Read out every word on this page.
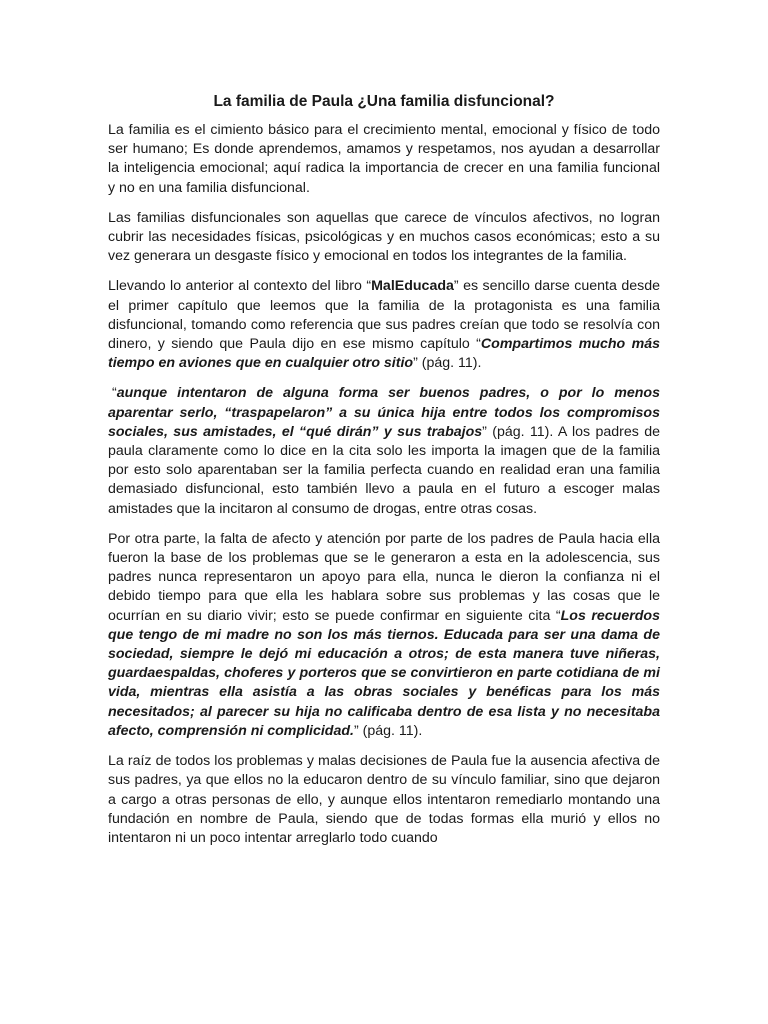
La familia de Paula ¿Una familia disfuncional?

La familia es el cimiento básico para el crecimiento mental, emocional y físico de todo ser humano; Es donde aprendemos, amamos y respetamos, nos ayudan a desarrollar la inteligencia emocional; aquí radica la importancia de crecer en una familia funcional y no en una familia disfuncional.

Las familias disfuncionales son aquellas que carece de vínculos afectivos, no logran cubrir las necesidades físicas, psicológicas y en muchos casos económicas; esto a su vez generara un desgaste físico y emocional en todos los integrantes de la familia.

Llevando lo anterior al contexto del libro “MalEducada” es sencillo darse cuenta desde el primer capítulo que leemos que la familia de la protagonista es una familia disfuncional, tomando como referencia que sus padres creían que todo se resolvía con dinero, y siendo que Paula dijo en ese mismo capítulo “Compartimos mucho más tiempo en aviones que en cualquier otro sitio” (pág. 11).

“aunque intentaron de alguna forma ser buenos padres, o por lo menos aparentar serlo, “traspapelaron” a su única hija entre todos los compromisos sociales, sus amistades, el “qué dirán” y sus trabajos” (pág. 11). A los padres de paula claramente como lo dice en la cita solo les importa la imagen que de la familia por esto solo aparentaban ser la familia perfecta cuando en realidad eran una familia demasiado disfuncional, esto también llevo a paula en el futuro a escoger malas amistades que la incitaron al consumo de drogas, entre otras cosas.

Por otra parte, la falta de afecto y atención por parte de los padres de Paula hacia ella fueron la base de los problemas que se le generaron a esta en la adolescencia, sus padres nunca representaron un apoyo para ella, nunca le dieron la confianza ni el debido tiempo para que ella les hablara sobre sus problemas y las cosas que le ocurrían en su diario vivir; esto se puede confirmar en siguiente cita “Los recuerdos que tengo de mi madre no son los más tiernos. Educada para ser una dama de sociedad, siempre le dejó mi educación a otros; de esta manera tuve niñeras, guardaespaldas, choferes y porteros que se convirtieron en parte cotidiana de mi vida, mientras ella asistía a las obras sociales y benéficas para los más necesitados; al parecer su hija no calificaba dentro de esa lista y no necesitaba afecto, comprensión ni complicidad.” (pág. 11).

La raíz de todos los problemas y malas decisiones de Paula fue la ausencia afectiva de sus padres, ya que ellos no la educaron dentro de su vínculo familiar, sino que dejaron a cargo a otras personas de ello, y aunque ellos intentaron remediarlo montando una fundación en nombre de Paula, siendo que de todas formas ella murió y ellos no intentaron ni un poco intentar arreglarlo todo cuando
